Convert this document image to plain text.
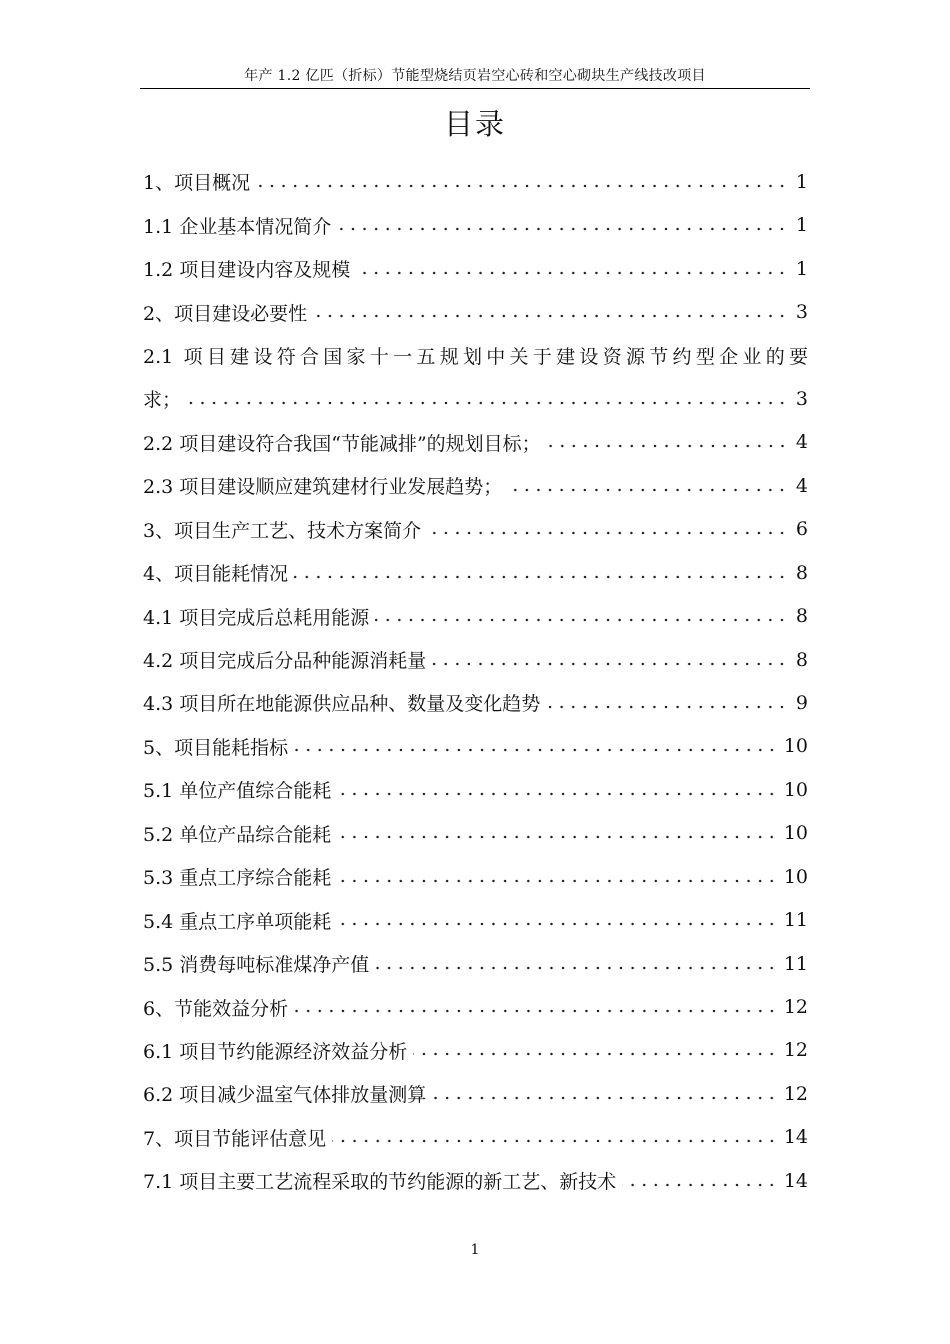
年产 1.2 亿匹（折标）节能型烧结页岩空心砖和空心砌块生产线技改项目
目录
1、项目概况	1
1.1 企业基本情况简介	1
1.2 项目建设内容及规模	1
2、项目建设必要性	3
2.1 项目建设符合国家十一五规划中关于建设资源节约型企业的要
求；	3
2.2 项目建设符合我国“节能减排”的规划目标；	4
2.3 项目建设顺应建筑建材行业发展趋势；	4
3、项目生产工艺、技术方案简介	6
4、项目能耗情况	8
4.1 项目完成后总耗用能源	8
4.2 项目完成后分品种能源消耗量	8
4.3 项目所在地能源供应品种、数量及变化趋势	9
5、项目能耗指标	10
5.1 单位产值综合能耗	10
5.2 单位产品综合能耗	10
5.3 重点工序综合能耗	10
5.4 重点工序单项能耗	11
5.5 消费每吨标准煤净产值	11
6、节能效益分析	12
6.1 项目节约能源经济效益分析	12
6.2 项目减少温室气体排放量测算	12
7、项目节能评估意见	14
7.1 项目主要工艺流程采取的节约能源的新工艺、新技术	14
1
